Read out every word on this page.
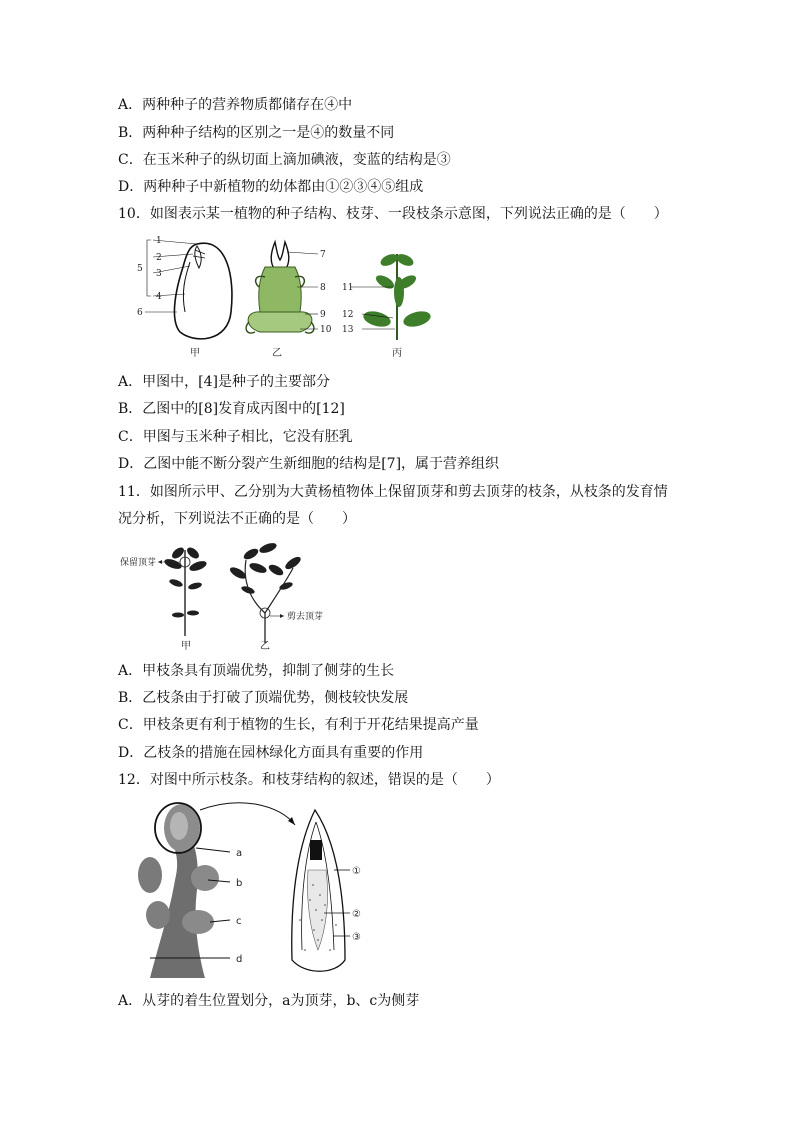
A．两种种子的营养物质都储存在④中
B．两种种子结构的区别之一是④的数量不同
C．在玉米种子的纵切面上滴加碘液，变蓝的结构是③
D．两种种子中新植物的幼体都由①②③④⑤组成
10．如图表示某一植物的种子结构、枝芽、一段枝条示意图，下列说法正确的是（　　）
1
2
3
4
5
6
甲
7
8
9
10
乙
11
12
13
丙
A．甲图中，[4]是种子的主要部分
B．乙图中的[8]发育成丙图中的[12]
C．甲图与玉米种子相比，它没有胚乳
D．乙图中能不断分裂产生新细胞的结构是[7]，属于营养组织
11．如图所示甲、乙分别为大黄杨植物体上保留顶芽和剪去顶芽的枝条，从枝条的发育情
况分析，下列说法不正确的是（　　）
保留顶芽
甲
剪去顶芽
乙
A．甲枝条具有顶端优势，抑制了侧芽的生长
B．乙枝条由于打破了顶端优势，侧枝较快发展
C．甲枝条更有利于植物的生长，有利于开花结果提高产量
D．乙枝条的措施在园林绿化方面具有重要的作用
12．对图中所示枝条。和枝芽结构的叙述，错误的是（　　）
a
b
c
d
①
②
③
A．从芽的着生位置划分，a为顶芽，b、c为侧芽
